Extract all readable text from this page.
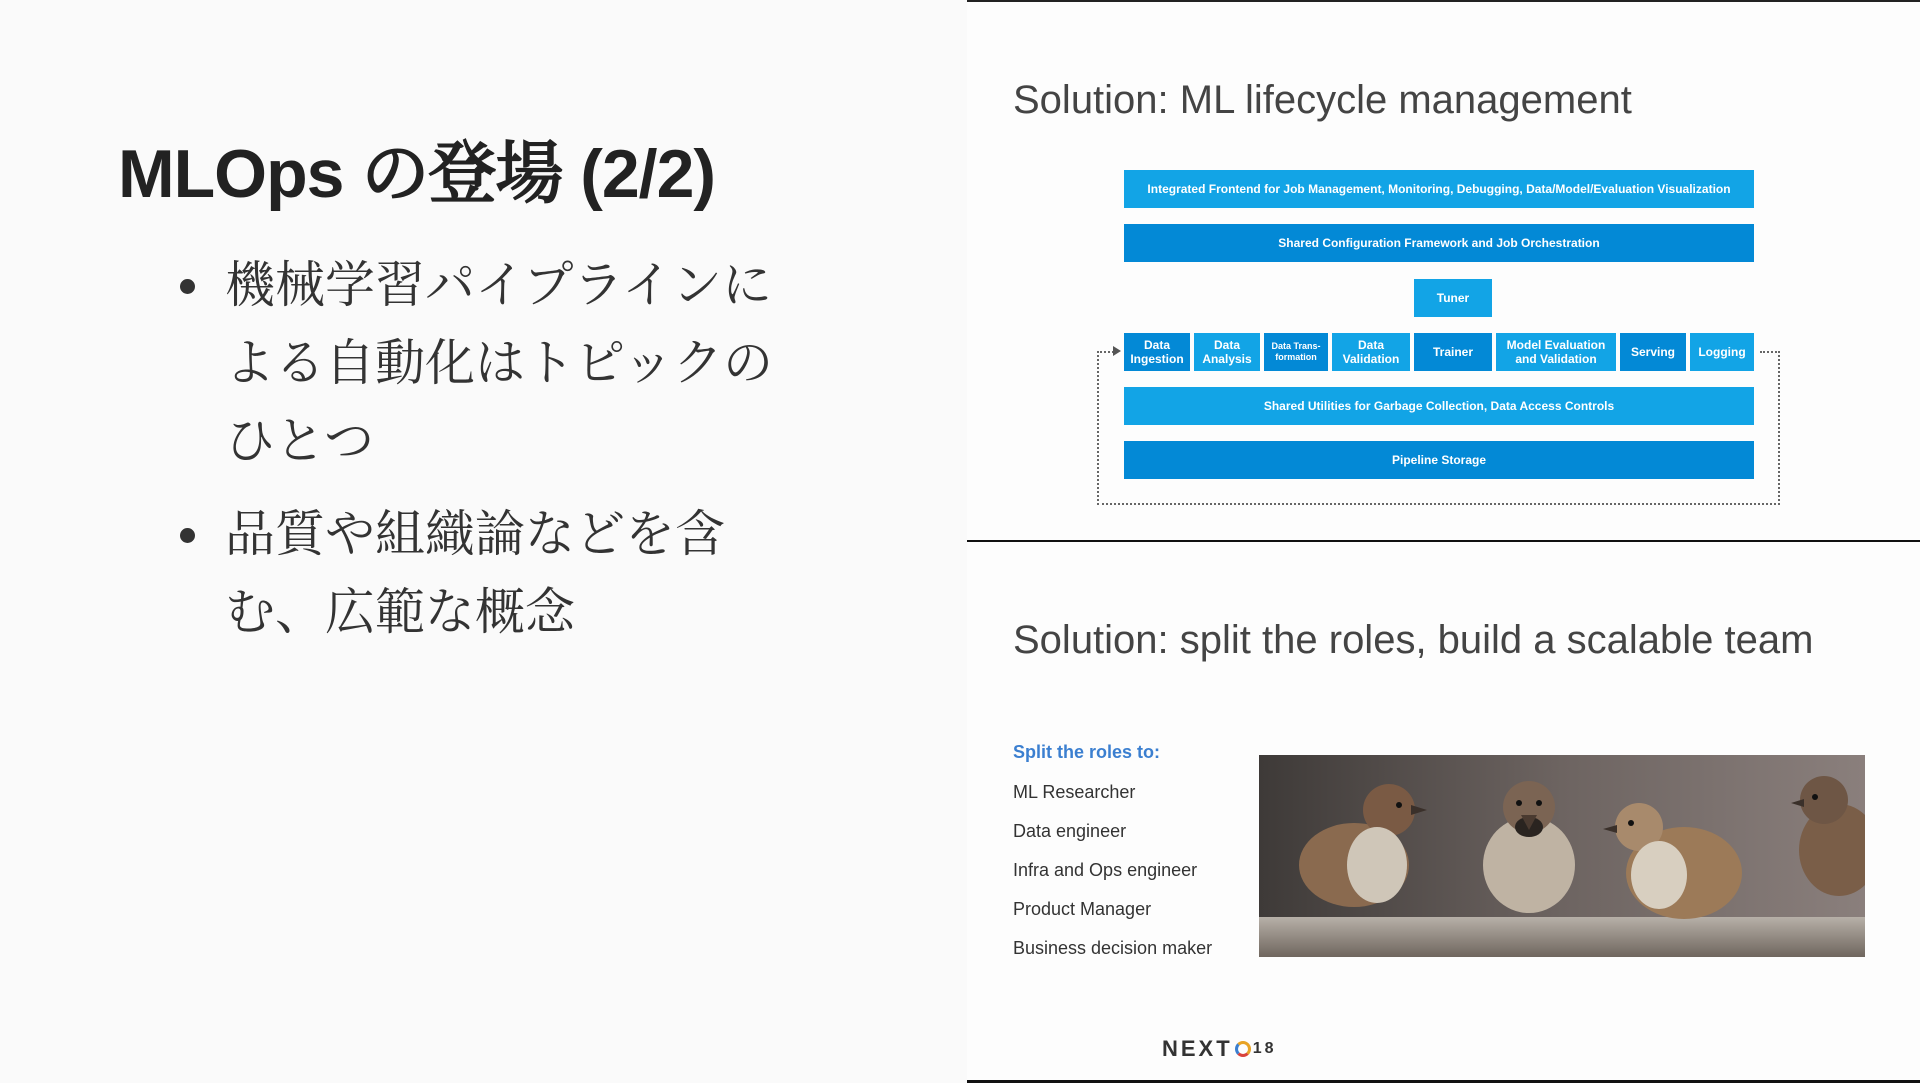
MLOps の登場 (2/2)
機械学習パイプラインによる自動化はトピックのひとつ
品質や組織論などを含む、広範な概念
Solution: ML lifecycle management
Integrated Frontend for Job Management, Monitoring, Debugging, Data/Model/Evaluation Visualization
Shared Configuration Framework and Job Orchestration
Tuner
Data Ingestion
Data Analysis
Data Trans-formation
Data Validation
Trainer
Model Evaluation and Validation
Serving	Logging
Shared Utilities for Garbage Collection, Data Access Controls
Pipeline Storage
Solution: split the roles, build a scalable team
Split the roles to:
ML Researcher
Data engineer
Infra and Ops engineer
Product Manager
Business decision maker
NEXT 18
